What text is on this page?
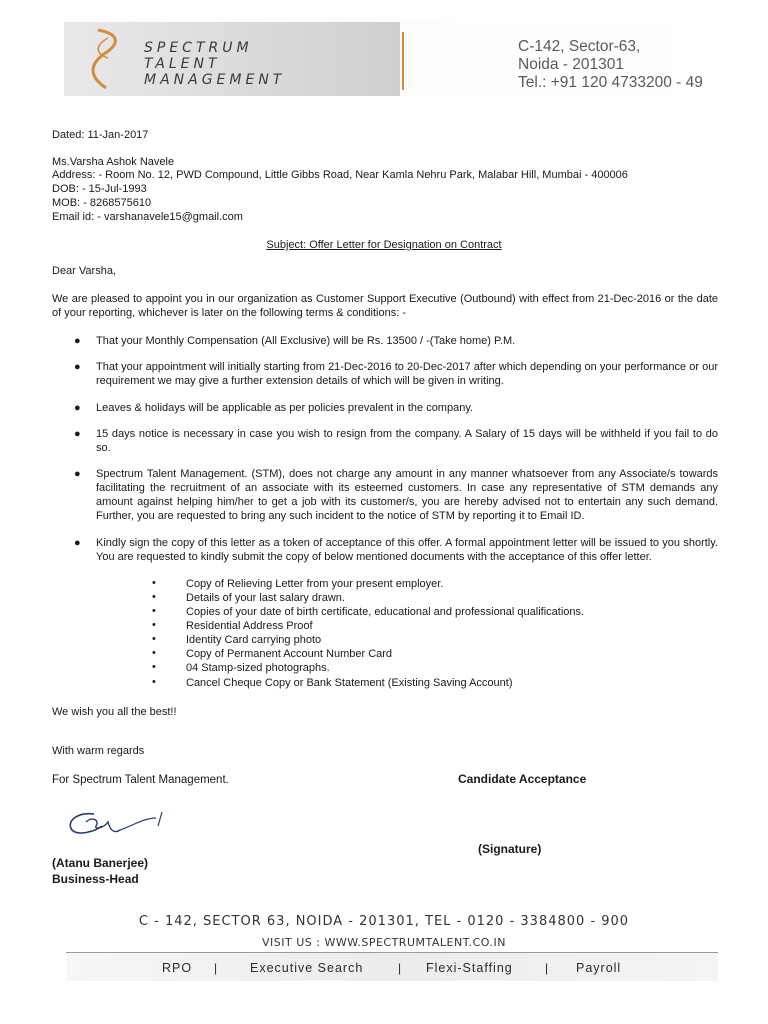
SPECTRUM
TALENT
MANAGEMENT
C-142, Sector-63,
Noida - 201301
Tel.: +91 120 4733200 - 49
Dated: 11-Jan-2017
Ms.Varsha Ashok Navele
Address: - Room No. 12, PWD Compound, Little Gibbs Road, Near Kamla Nehru Park, Malabar Hill, Mumbai - 400006
DOB: - 15-Jul-1993
MOB: - 8268575610
Email id: - varshanavele15@gmail.com
Subject: Offer Letter for Designation on Contract
Dear Varsha,
We are pleased to appoint you in our organization as Customer Support Executive (Outbound) with effect from 21-Dec-2016 or the date of your reporting, whichever is later on the following terms & conditions: -
● That your Monthly Compensation (All Exclusive) will be Rs. 13500 / -(Take home) P.M.
● That your appointment will initially starting from 21-Dec-2016 to 20-Dec-2017 after which depending on your performance or our requirement we may give a further extension details of which will be given in writing.
● Leaves & holidays will be applicable as per policies prevalent in the company.
● 15 days notice is necessary in case you wish to resign from the company. A Salary of 15 days will be withheld if you fail to do so.
● Spectrum Talent Management. (STM), does not charge any amount in any manner whatsoever from any Associate/s towards facilitating the recruitment of an associate with its esteemed customers. In case any representative of STM demands any amount against helping him/her to get a job with its customer/s, you are hereby advised not to entertain any such demand. Further, you are requested to bring any such incident to the notice of STM by reporting it to Email ID.
● Kindly sign the copy of this letter as a token of acceptance of this offer. A formal appointment letter will be issued to you shortly. You are requested to kindly submit the copy of below mentioned documents with the acceptance of this offer letter.
•	Copy of Relieving Letter from your present employer.
•	Details of your last salary drawn.
•	Copies of your date of birth certificate, educational and professional qualifications.
•	Residential Address Proof
•	Identity Card carrying photo
•	Copy of Permanent Account Number Card
•	04 Stamp-sized photographs.
•	Cancel Cheque Copy or Bank Statement (Existing Saving Account)
We wish you all the best!!
With warm regards
For Spectrum Talent Management.	Candidate Acceptance
(Signature)
(Atanu Banerjee)
Business-Head
C - 142, SECTOR 63, NOIDA - 201301, TEL - 0120 - 3384800 - 900
VISIT US : WWW.SPECTRUMTALENT.CO.IN
RPO |	Executive Search	| Flexi-Staffing	| Payroll
